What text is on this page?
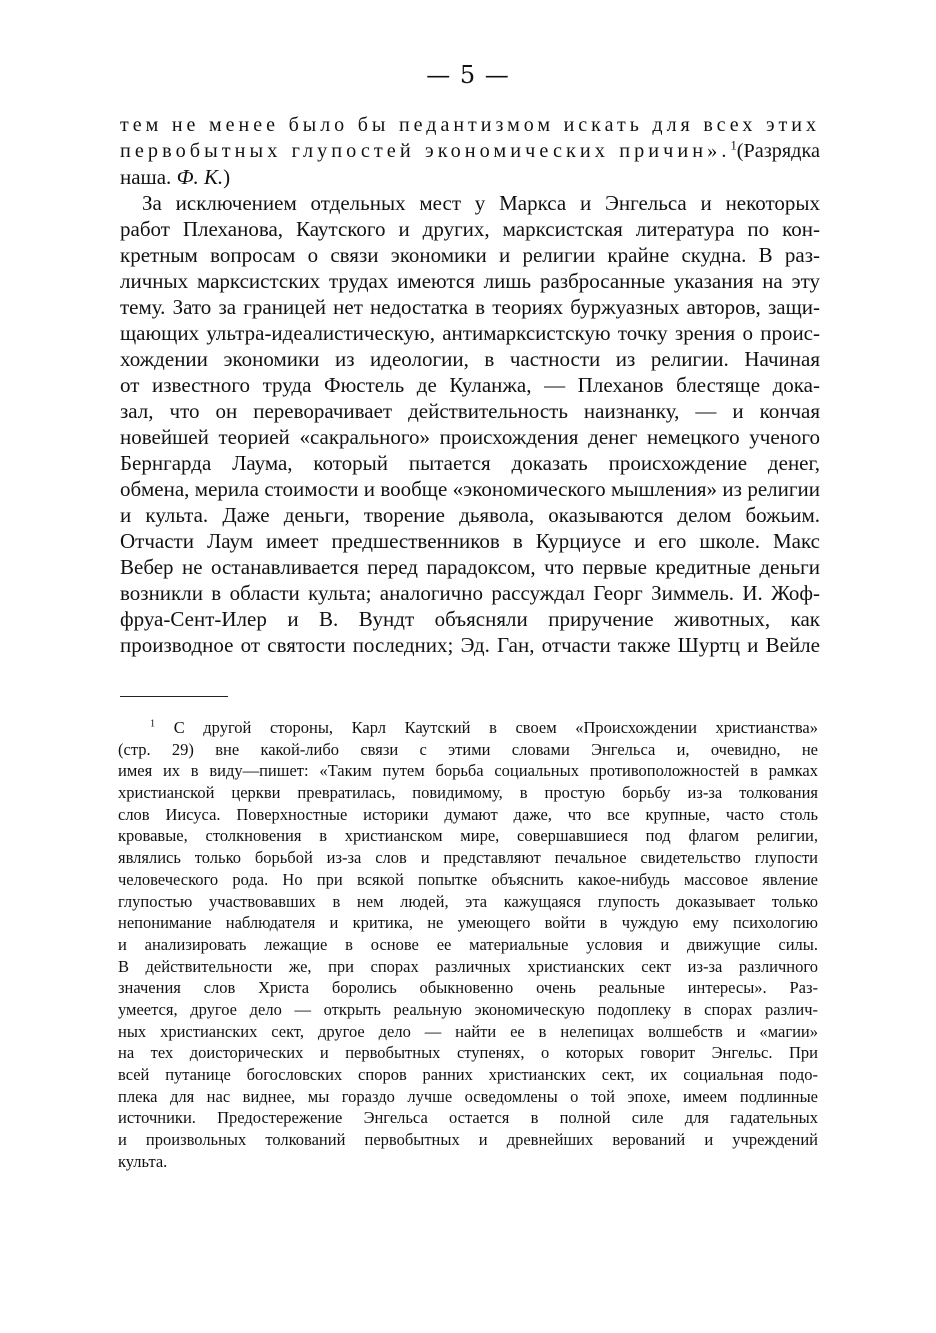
— 5 —
тем не менее было бы педантизмом искать для всех этих
первобытных глупостей экономических причин».$^1$(Разрядка
наша. Ф. К.)
За исключением отдельных мест у Маркса и Энгельса и некоторых
работ Плеханова, Каутского и других, марксистская литература по кон-
кретным вопросам о связи экономики и религии крайне скудна. В раз-
личных марксистских трудах имеются лишь разбросанные указания на эту
тему. Зато за границей нет недостатка в теориях буржуазных авторов, защи-
щающих ультра-идеалистическую, антимарксистскую точку зрения о проис-
хождении экономики из идеологии, в частности из религии. Начиная
от известного труда Фюстель де Куланжа, — Плеханов блестяще дока-
зал, что он переворачивает действительность наизнанку, — и кончая
новейшей теорией «сакрального» происхождения денег немецкого ученого
Бернгарда Лаума, который пытается доказать происхождение денег,
обмена, мерила стоимости и вообще «экономического мышления» из религии
и культа. Даже деньги, творение дьявола, оказываются делом божьим.
Отчасти Лаум имеет предшественников в Курциусе и его школе. Макс
Вебер не останавливается перед парадоксом, что первые кредитные деньги
возникли в области культа; аналогично рассуждал Георг Зиммель. И. Жоф-
фруа-Сент-Илер и В. Вундт объясняли приручение животных, как
производное от святости последних; Эд. Ган, отчасти также Шуртц и Вейле
$^1$ С другой стороны, Карл Каутский в своем «Происхождении христианства»
(стр. 29) вне какой-либо связи с этими словами Энгельса и, очевидно, не
имея их в виду—пишет: «Таким путем борьба социальных противоположностей в рамках
христианской церкви превратилась, повидимому, в простую борьбу из-за толкования
слов Иисуса. Поверхностные историки думают даже, что все крупные, часто столь
кровавые, столкновения в христианском мире, совершавшиеся под флагом религии,
являлись только борьбой из-за слов и представляют печальное свидетельство глупости
человеческого рода. Но при всякой попытке объяснить какое-нибудь массовое явление
глупостью участвовавших в нем людей, эта кажущаяся глупость доказывает только
непонимание наблюдателя и критика, не умеющего войти в чуждую ему психологию
и анализировать лежащие в основе ее материальные условия и движущие силы.
В действительности же, при спорах различных христианских сект из-за различного
значения слов Христа боролись обыкновенно очень реальные интересы». Раз-
умеется, другое дело — открыть реальную экономическую подоплеку в спорах различ-
ных христианских сект, другое дело — найти ее в нелепицах волшебств и «магии»
на тех доисторических и первобытных ступенях, о которых говорит Энгельс. При
всей путанице богословских споров ранних христианских сект, их социальная подо-
плека для нас виднее, мы гораздо лучше осведомлены о той эпохе, имеем подлинные
источники. Предостережение Энгельса остается в полной силе для гадательных
и произвольных толкований первобытных и древнейших верований и учреждений
культа.
